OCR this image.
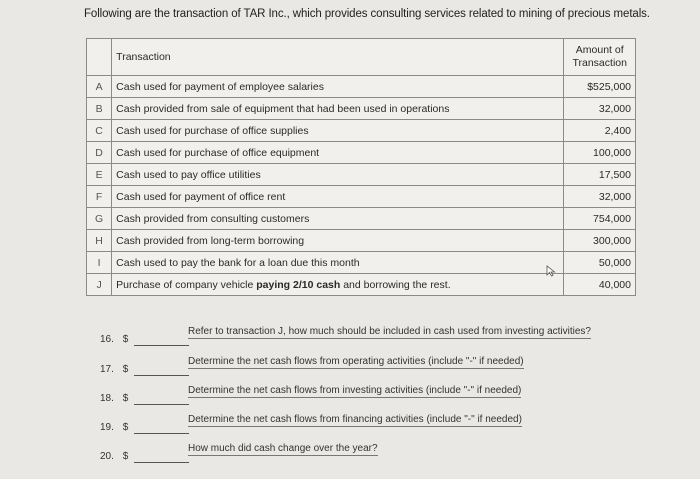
Following are the transaction of TAR Inc., which provides consulting services related to mining of precious metals.
	Transaction	Amount of
Transaction
A	Cash used for payment of employee salaries	$525,000
B	Cash provided from sale of equipment that had been used in operations	32,000
C	Cash used for purchase of office supplies	2,400
D	Cash used for purchase of office equipment	100,000
E	Cash used to pay office utilities	17,500
F	Cash used for payment of office rent	32,000
G	Cash provided from consulting customers	754,000
H	Cash provided from long-term borrowing	300,000
I	Cash used to pay the bank for a loan due this month	50,000
J	Purchase of company vehicle paying 2/10 cash and borrowing the rest.	40,000
16. $
Refer to transaction J, how much should be included in cash used from investing activities?
17. $
Determine the net cash flows from operating activities (include "-" if needed)
18. $
Determine the net cash flows from investing activities (include "-" if needed)
19. $
Determine the net cash flows from financing activities (include "-" if needed)
20. $
How much did cash change over the year?
